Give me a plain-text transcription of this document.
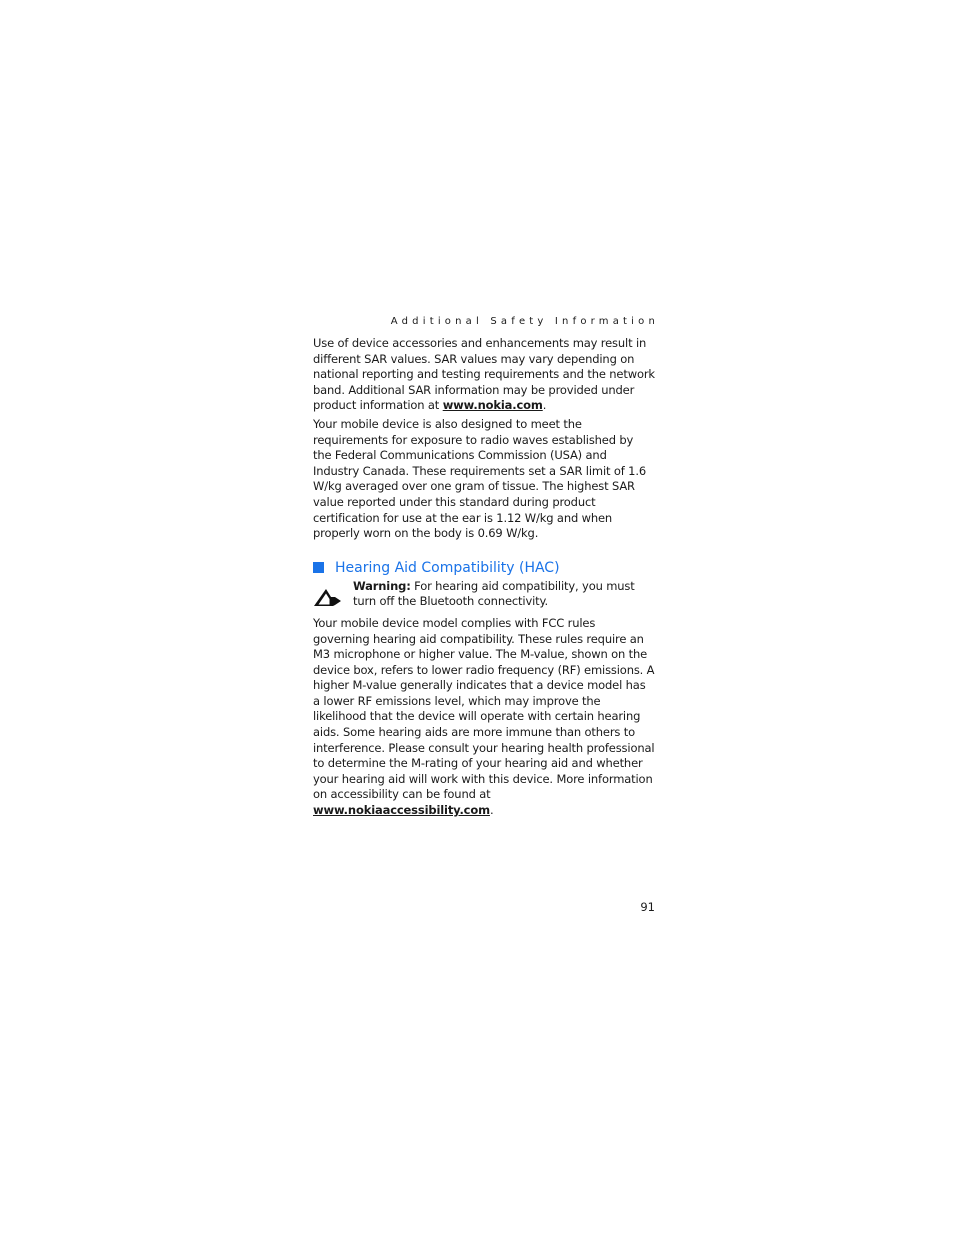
Additional Safety Information

Use of device accessories and enhancements may result in different SAR values. SAR values may vary depending on national reporting and testing requirements and the network band. Additional SAR information may be provided under product information at www.nokia.com.

Your mobile device is also designed to meet the requirements for exposure to radio waves established by the Federal Communications Commission (USA) and Industry Canada. These requirements set a SAR limit of 1.6 W/kg averaged over one gram of tissue. The highest SAR value reported under this standard during product certification for use at the ear is 1.12 W/kg and when properly worn on the body is 0.69 W/kg.

Hearing Aid Compatibility (HAC)
Warning: For hearing aid compatibility, you must turn off the Bluetooth connectivity.

Your mobile device model complies with FCC rules governing hearing aid compatibility. These rules require an M3 microphone or higher value. The M-value, shown on the device box, refers to lower radio frequency (RF) emissions. A higher M-value generally indicates that a device model has a lower RF emissions level, which may improve the likelihood that the device will operate with certain hearing aids. Some hearing aids are more immune than others to interference. Please consult your hearing health professional to determine the M-rating of your hearing aid and whether your hearing aid will work with this device. More information on accessibility can be found at www.nokiaaccessibility.com.

91
